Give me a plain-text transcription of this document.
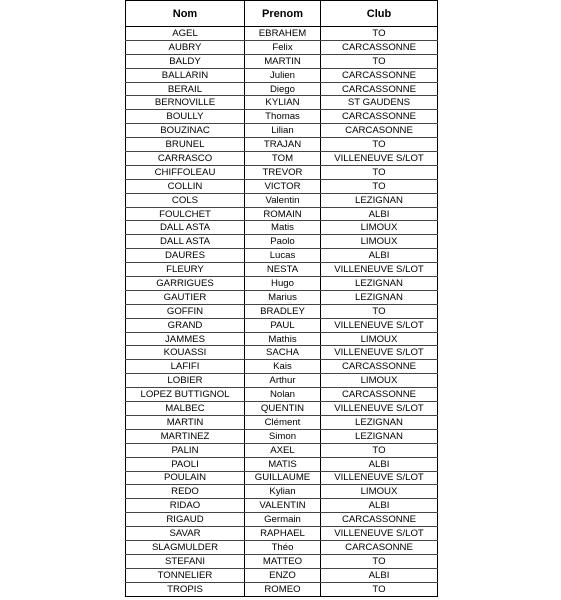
Nom	Prenom	Club
AGEL	EBRAHEM	TO
AUBRY	Felix	CARCASSONNE
BALDY	MARTIN	TO
BALLARIN	Julien	CARCASSONNE
BERAIL	Diego	CARCASSONNE
BERNOVILLE	KYLIAN	ST GAUDENS
BOULLY	Thomas	CARCASSONNE
BOUZINAC	Lilian	CARCASONNE
BRUNEL	TRAJAN	TO
CARRASCO	TOM	VILLENEUVE S/LOT
CHIFFOLEAU	TREVOR	TO
COLLIN	VICTOR	TO
COLS	Valentin	LEZIGNAN
FOULCHET	ROMAIN	ALBI
DALL ASTA	Matis	LIMOUX
DALL ASTA	Paolo	LIMOUX
DAURES	Lucas	ALBI
FLEURY	NESTA	VILLENEUVE S/LOT
GARRIGUES	Hugo	LEZIGNAN
GAUTIER	Marius	LEZIGNAN
GOFFIN	BRADLEY	TO
GRAND	PAUL	VILLENEUVE S/LOT
JAMMES	Mathis	LIMOUX
KOUASSI	SACHA	VILLENEUVE S/LOT
LAFIFI	Kais	CARCASSONNE
LOBIER	Arthur	LIMOUX
LOPEZ BUTTIGNOL	Nolan	CARCASSONNE
MALBEC	QUENTIN	VILLENEUVE S/LOT
MARTIN	Clément	LEZIGNAN
MARTINEZ	Simon	LEZIGNAN
PALIN	AXEL	TO
PAOLI	MATIS	ALBI
POULAIN	GUILLAUME	VILLENEUVE S/LOT
REDO	Kylian	LIMOUX
RIDAO	VALENTIN	ALBI
RIGAUD	Germain	CARCASSONNE
SAVAR	RAPHAEL	VILLENEUVE S/LOT
SLAGMULDER	Théo	CARCASONNE
STEFANI	MATTEO	TO
TONNELIER	ENZO	ALBI
TROPIS	ROMEO	TO
